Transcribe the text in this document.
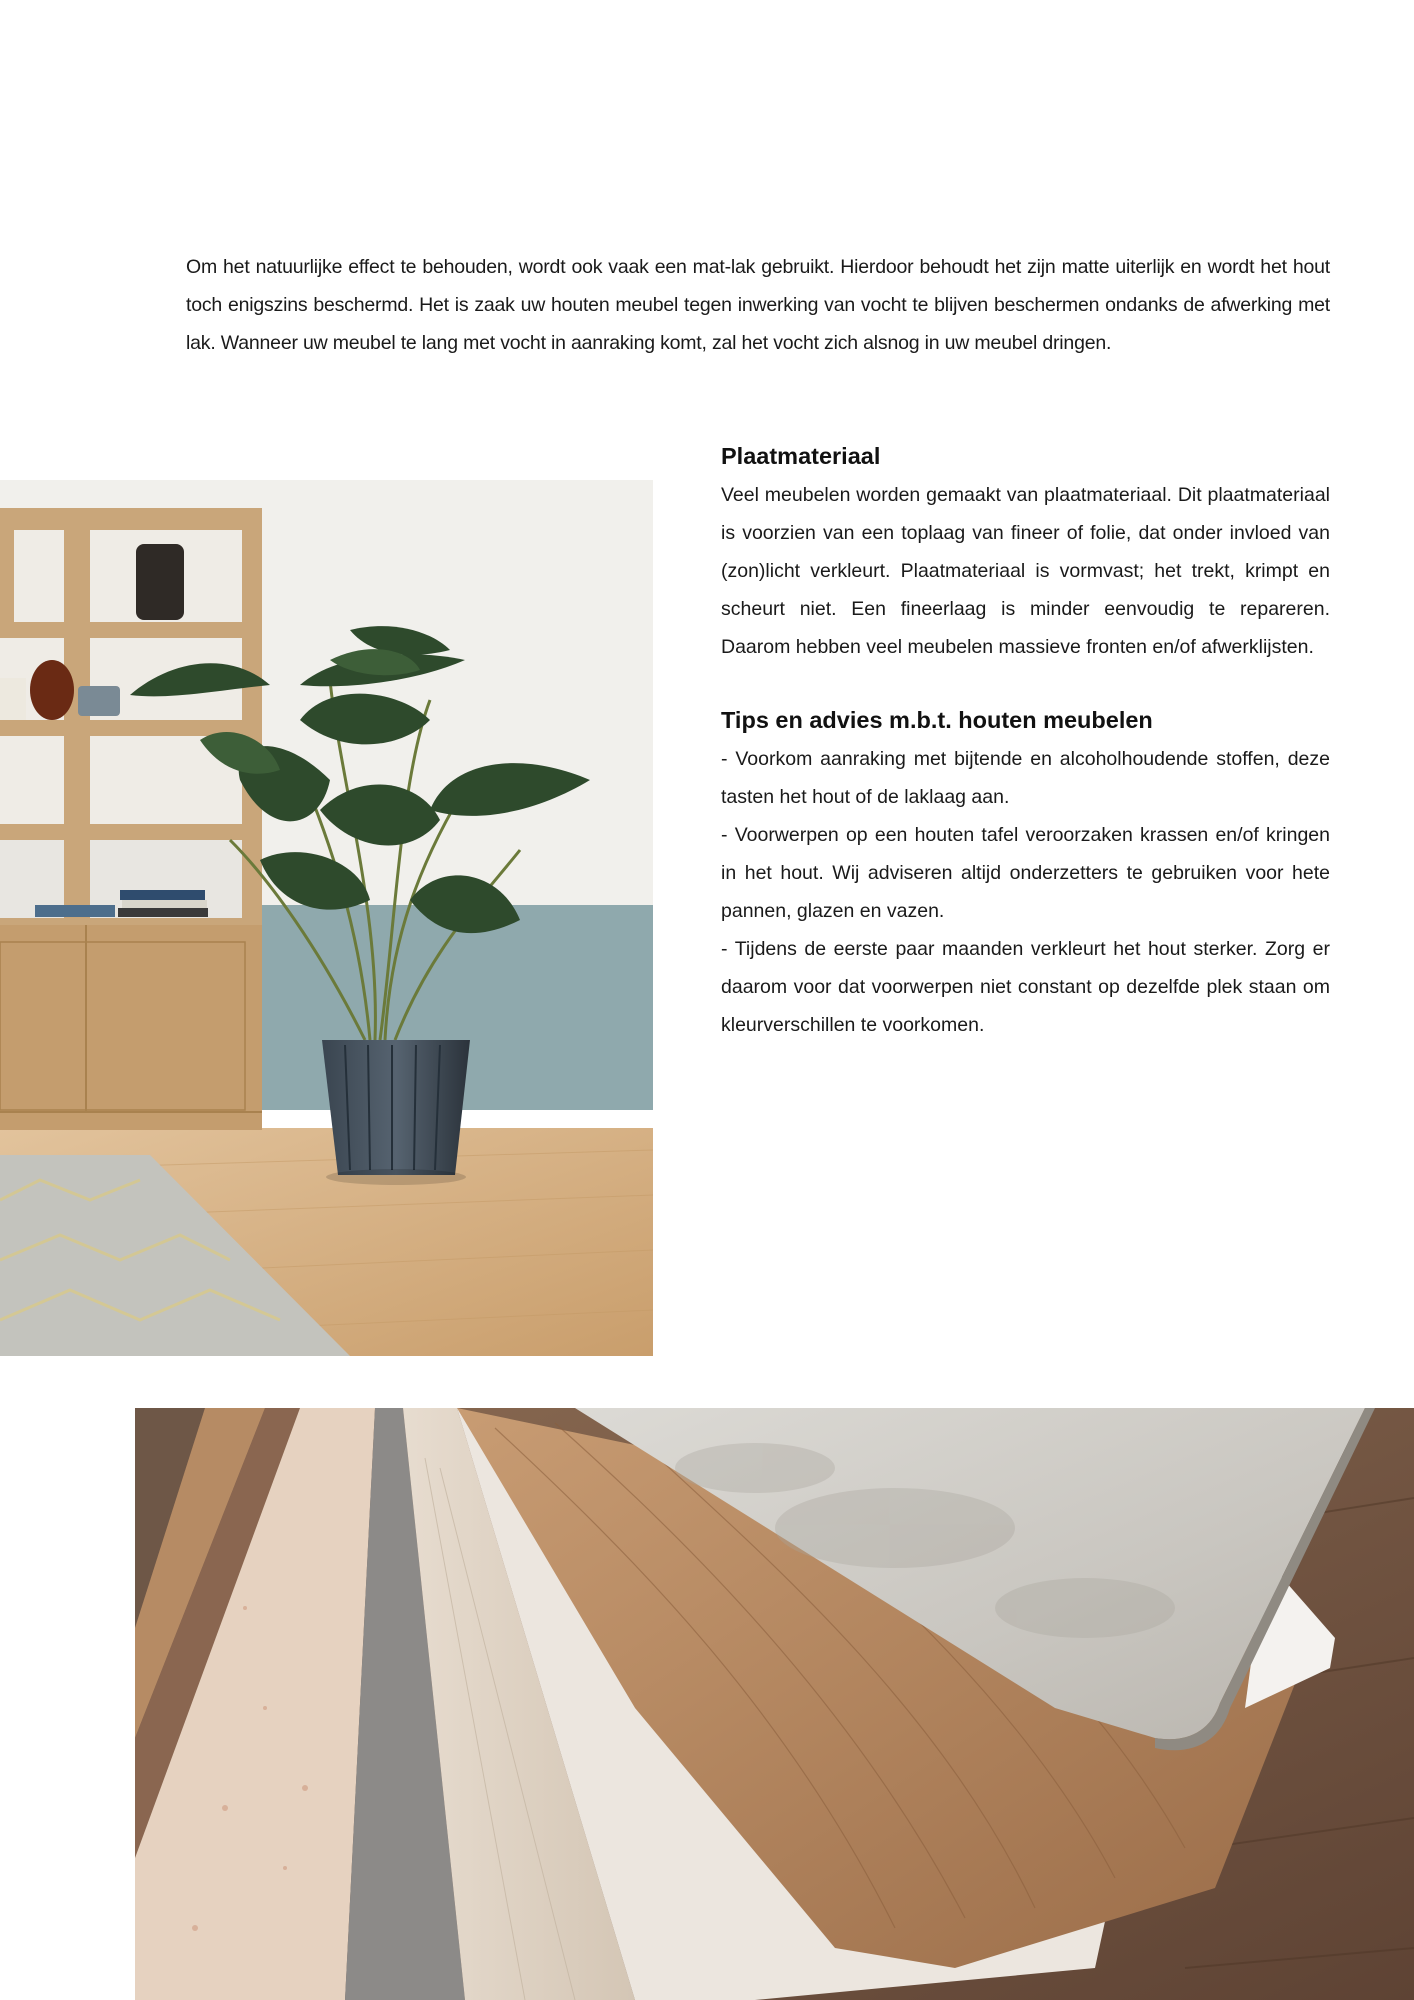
Om het natuurlijke effect te behouden, wordt ook vaak een mat-lak gebruikt. Hierdoor behoudt het zijn matte uiterlijk en wordt het hout toch enigszins beschermd. Het is zaak uw houten meubel tegen inwerking van vocht te blijven beschermen ondanks de afwerking met lak. Wanneer uw meubel te lang met vocht in aanraking komt, zal het vocht zich alsnog in uw meubel dringen.

Plaatmateriaal

Veel meubelen worden gemaakt van plaatmateriaal. Dit plaatmateriaal is voorzien van een toplaag van fineer of folie, dat onder invloed van (zon)licht verkleurt. Plaatmateriaal is vormvast; het trekt, krimpt en scheurt niet. Een fineerlaag is minder eenvoudig te repareren. Daarom hebben veel meubelen massieve fronten en/of afwerklijsten.

Tips en advies m.b.t. houten meubelen

- Voorkom aanraking met bijtende en alcoholhoudende stoffen, deze tasten het hout of de laklaag aan.

- Voorwerpen op een houten tafel veroorzaken krassen en/of kringen in het hout. Wij adviseren altijd onderzetters te gebruiken voor hete pannen, glazen en vazen.

- Tijdens de eerste paar maanden verkleurt het hout sterker. Zorg er daarom voor dat voorwerpen niet constant op dezelfde plek staan om kleurverschillen te voorkomen.
